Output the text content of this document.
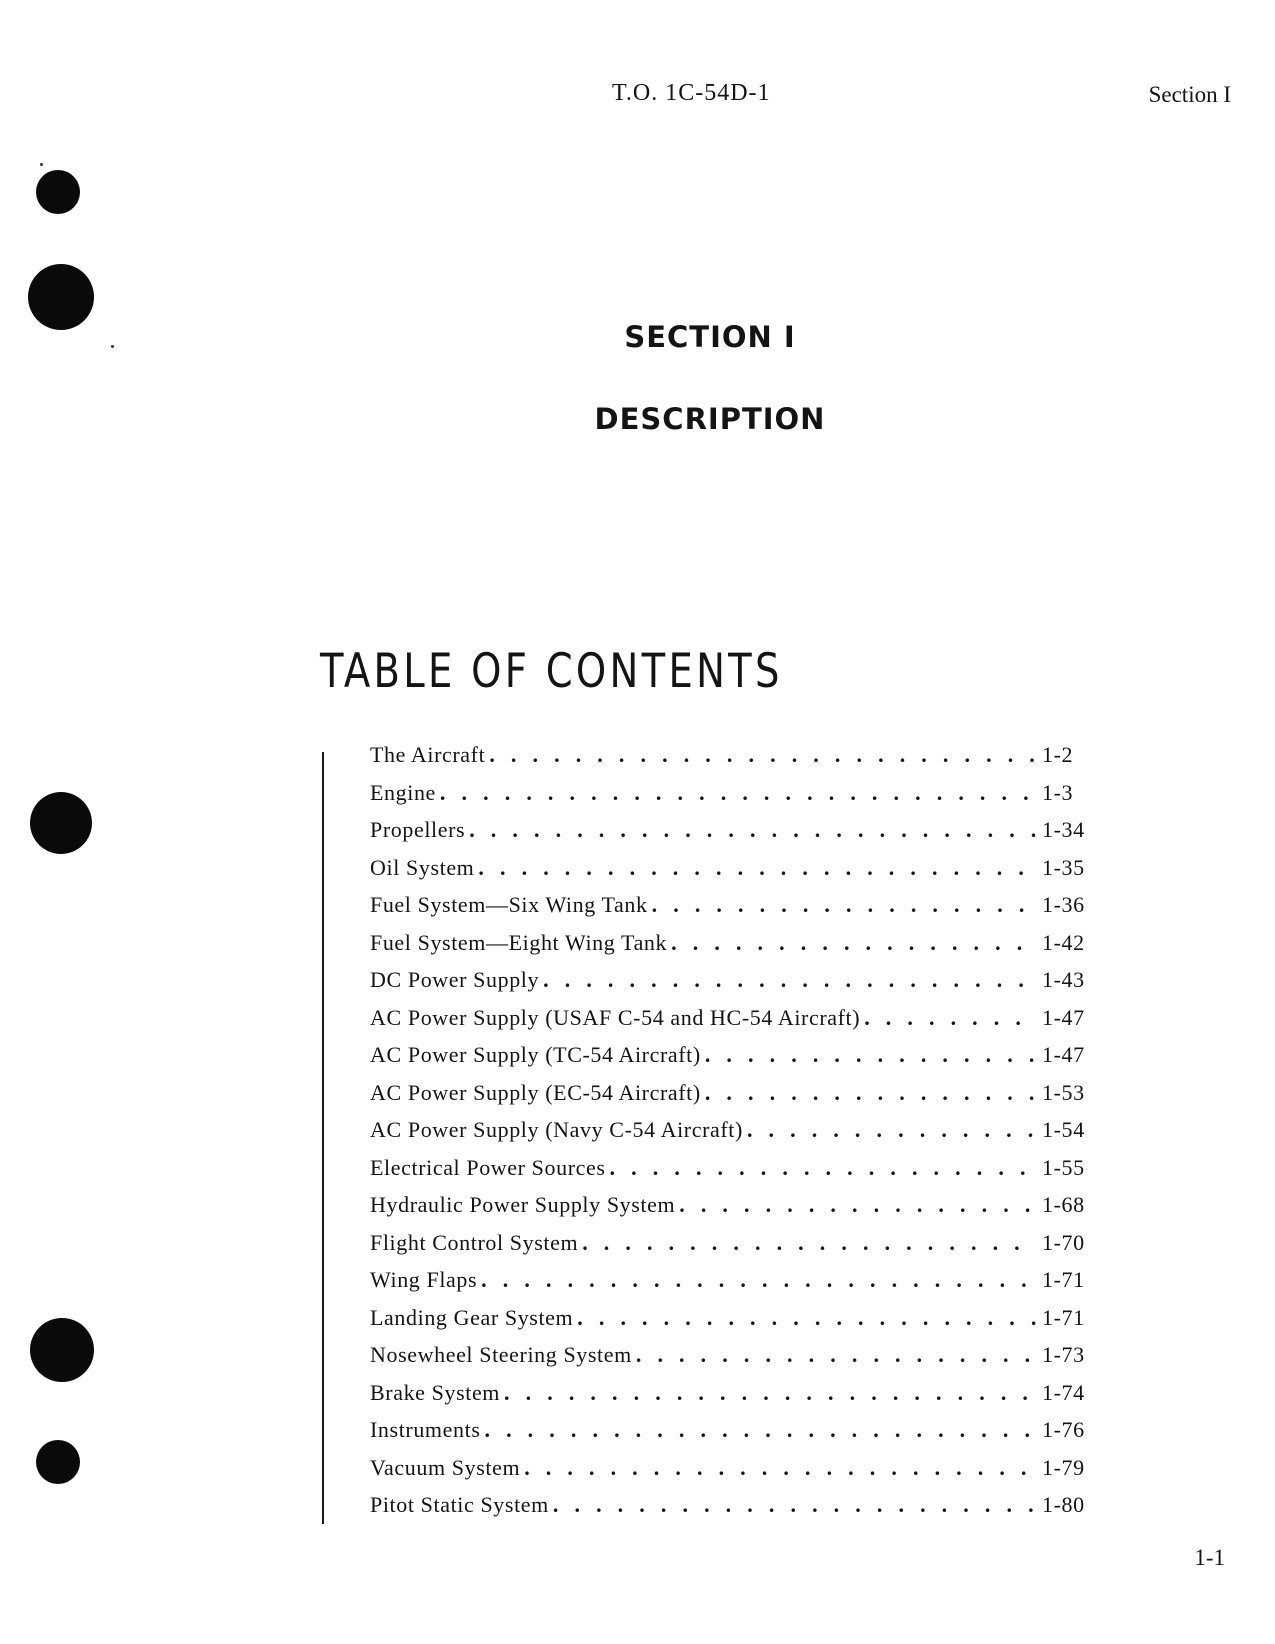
T.O. 1C-54D-1	Section I
SECTION I
DESCRIPTION
TABLE OF CONTENTS
The Aircraft . . .	1-2
Engine . . .	1-3
Propellers . . .	1-34
Oil System . . .	1-35
Fuel System—Six Wing Tank . . .	1-36
Fuel System—Eight Wing Tank . . .	1-42
DC Power Supply . . .	1-43
AC Power Supply (USAF C-54 and HC-54 Aircraft) . . .	1-47
AC Power Supply (TC-54 Aircraft) . . .	1-47
AC Power Supply (EC-54 Aircraft) . . .	1-53
AC Power Supply (Navy C-54 Aircraft) . . .	1-54
Electrical Power Sources . . .	1-55
Hydraulic Power Supply System . . .	1-68
Flight Control System . . .	1-70
Wing Flaps . . .	1-71
Landing Gear System . . .	1-71
Nosewheel Steering System . . .	1-73
Brake System . . .	1-74
Instruments . . .	1-76
Vacuum System . . .	1-79
Pitot Static System . . .	1-80
1-1
